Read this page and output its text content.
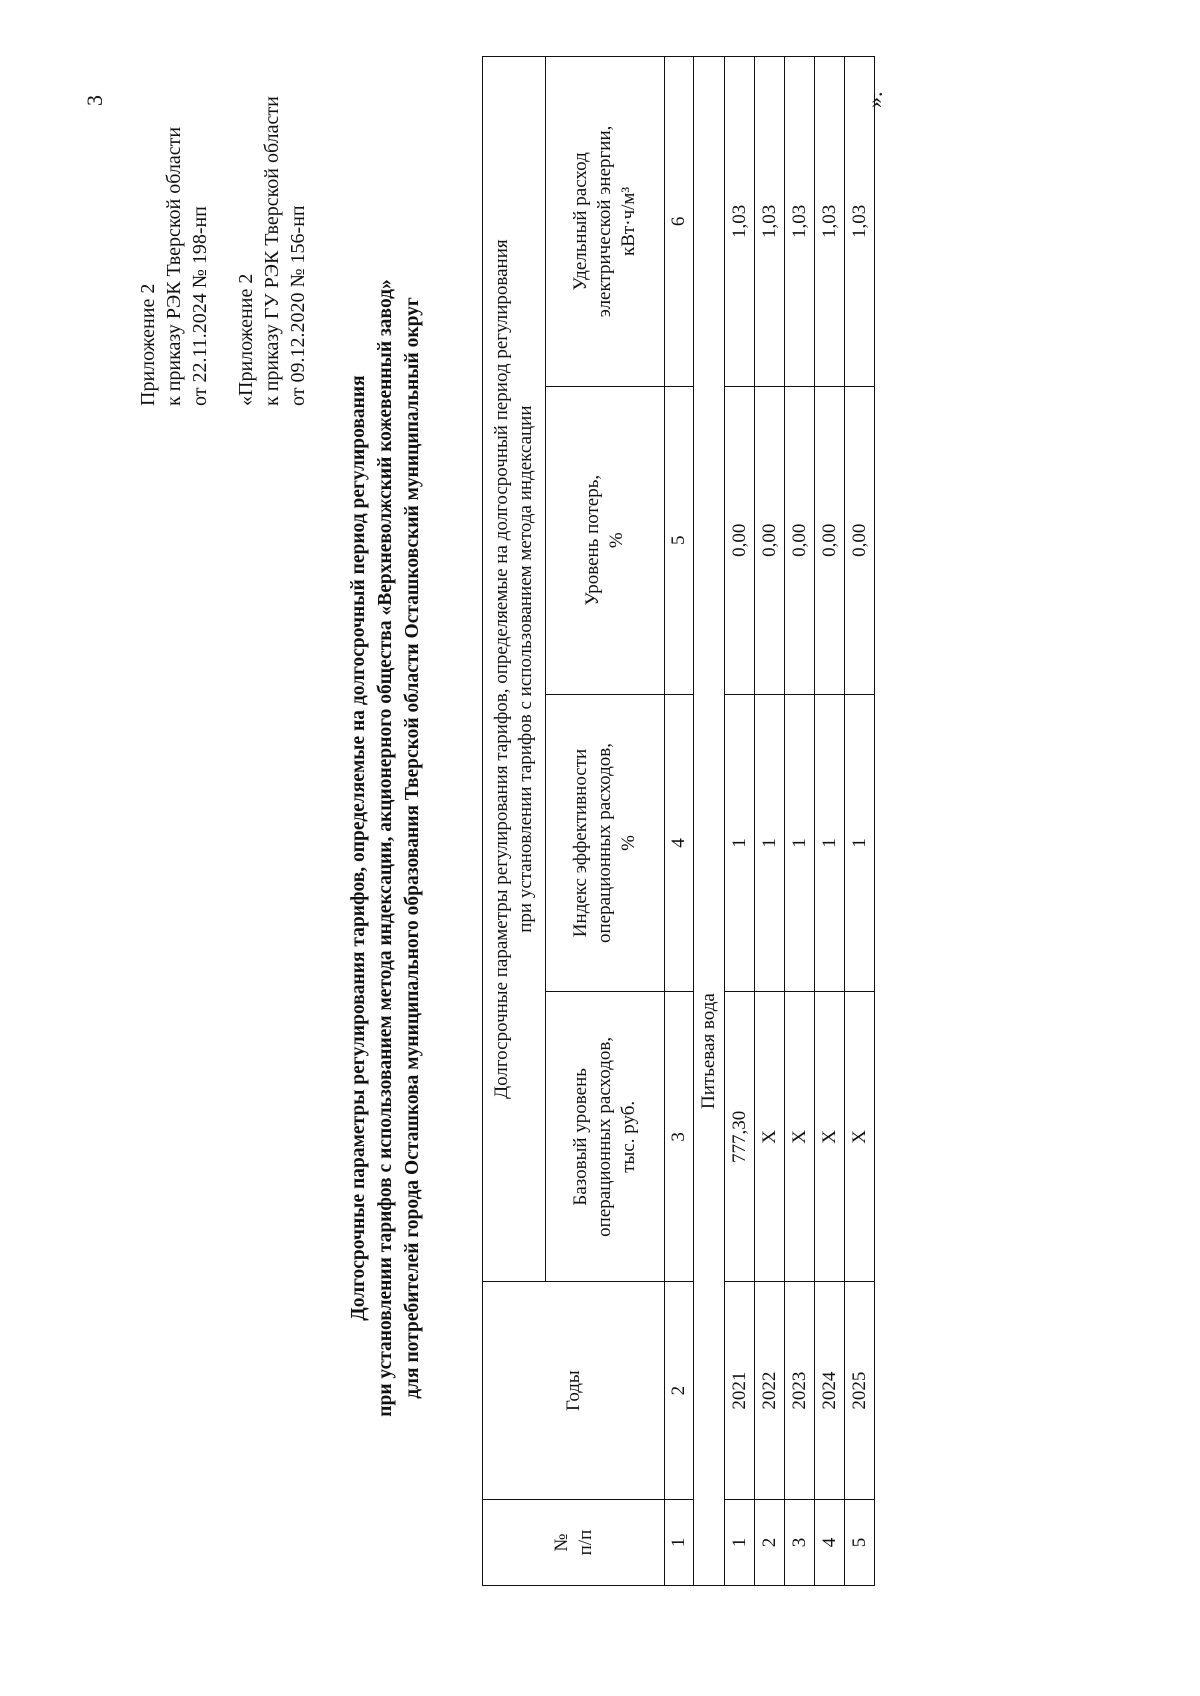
3
Приложение 2 к приказу РЭК Тверской области от 22.11.2024 № 198-нп «Приложение 2 к приказу ГУ РЭК Тверской области от 09.12.2020 № 156-нп
Долгосрочные параметры регулирования тарифов, определяемые на долгосрочный период регулирования при установлении тарифов с использованием метода индексации, акционерного общества «Верхневолжский кожевенный завод» для потребителей города Осташкова муниципального образования Тверской области Осташковский муниципальный округ
№ п/п	Годы	Долгосрочные параметры регулирования тарифов, определяемые на долгосрочный период регулирования при установлении тарифов с использованием метода индексации			

		Базовый уровень операционных расходов, тыс. руб.	Индекс эффективности операционных расходов, %	Уровень потерь, %	Удельный расход электрической энергии, кВт·ч/м³

1	2	3	4	5	6
Питьевая вода					
1	2021	777,30	1	0,00	1,03
2	2022	X	1	0,00	1,03
3	2023	X	1	0,00	1,03
4	2024	X	1	0,00	1,03
5	2025	X	1	0,00	1,03
».
